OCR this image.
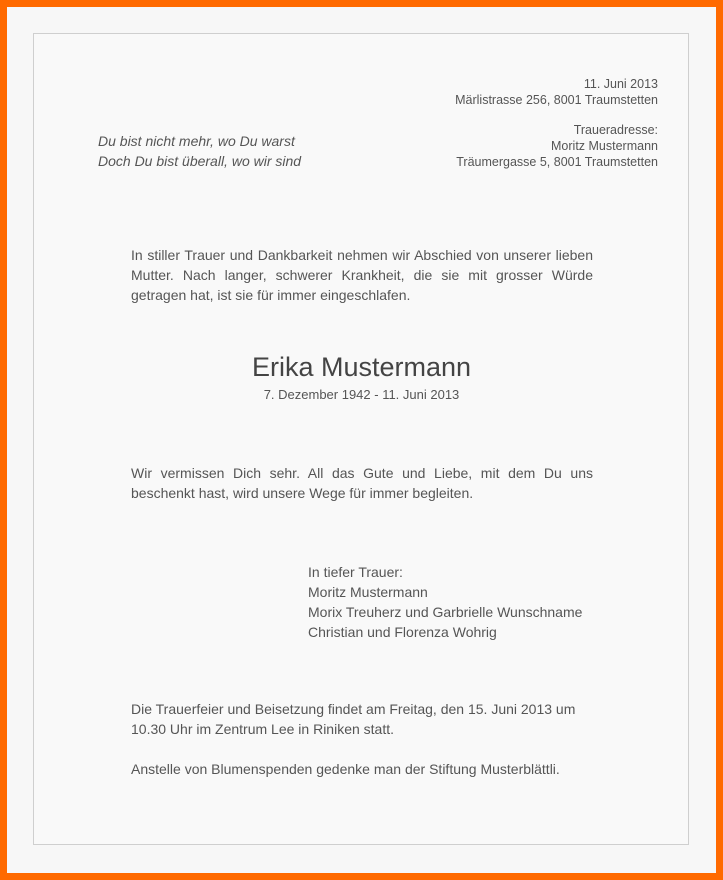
11. Juni 2013
Märlistrasse 256, 8001 Traumstetten
Traueradresse:
Moritz Mustermann
Träumergasse 5, 8001 Traumstetten
Du bist nicht mehr, wo Du warst
Doch Du bist überall, wo wir sind
In stiller Trauer und Dankbarkeit nehmen wir Abschied von unserer lieben Mutter. Nach langer, schwerer Krankheit, die sie mit grosser Würde getragen hat, ist sie für immer eingeschlafen.
Erika Mustermann
7. Dezember 1942 - 11. Juni 2013
Wir vermissen Dich sehr. All das Gute und Liebe, mit dem Du uns beschenkt hast, wird unsere Wege für immer begleiten.
In tiefer Trauer:
Moritz Mustermann
Morix Treuherz und Garbrielle Wunschname
Christian und Florenza Wohrig
Die Trauerfeier und Beisetzung findet am Freitag, den 15. Juni 2013 um 10.30 Uhr im Zentrum Lee in Riniken statt.
Anstelle von Blumenspenden gedenke man der Stiftung Musterblättli.
